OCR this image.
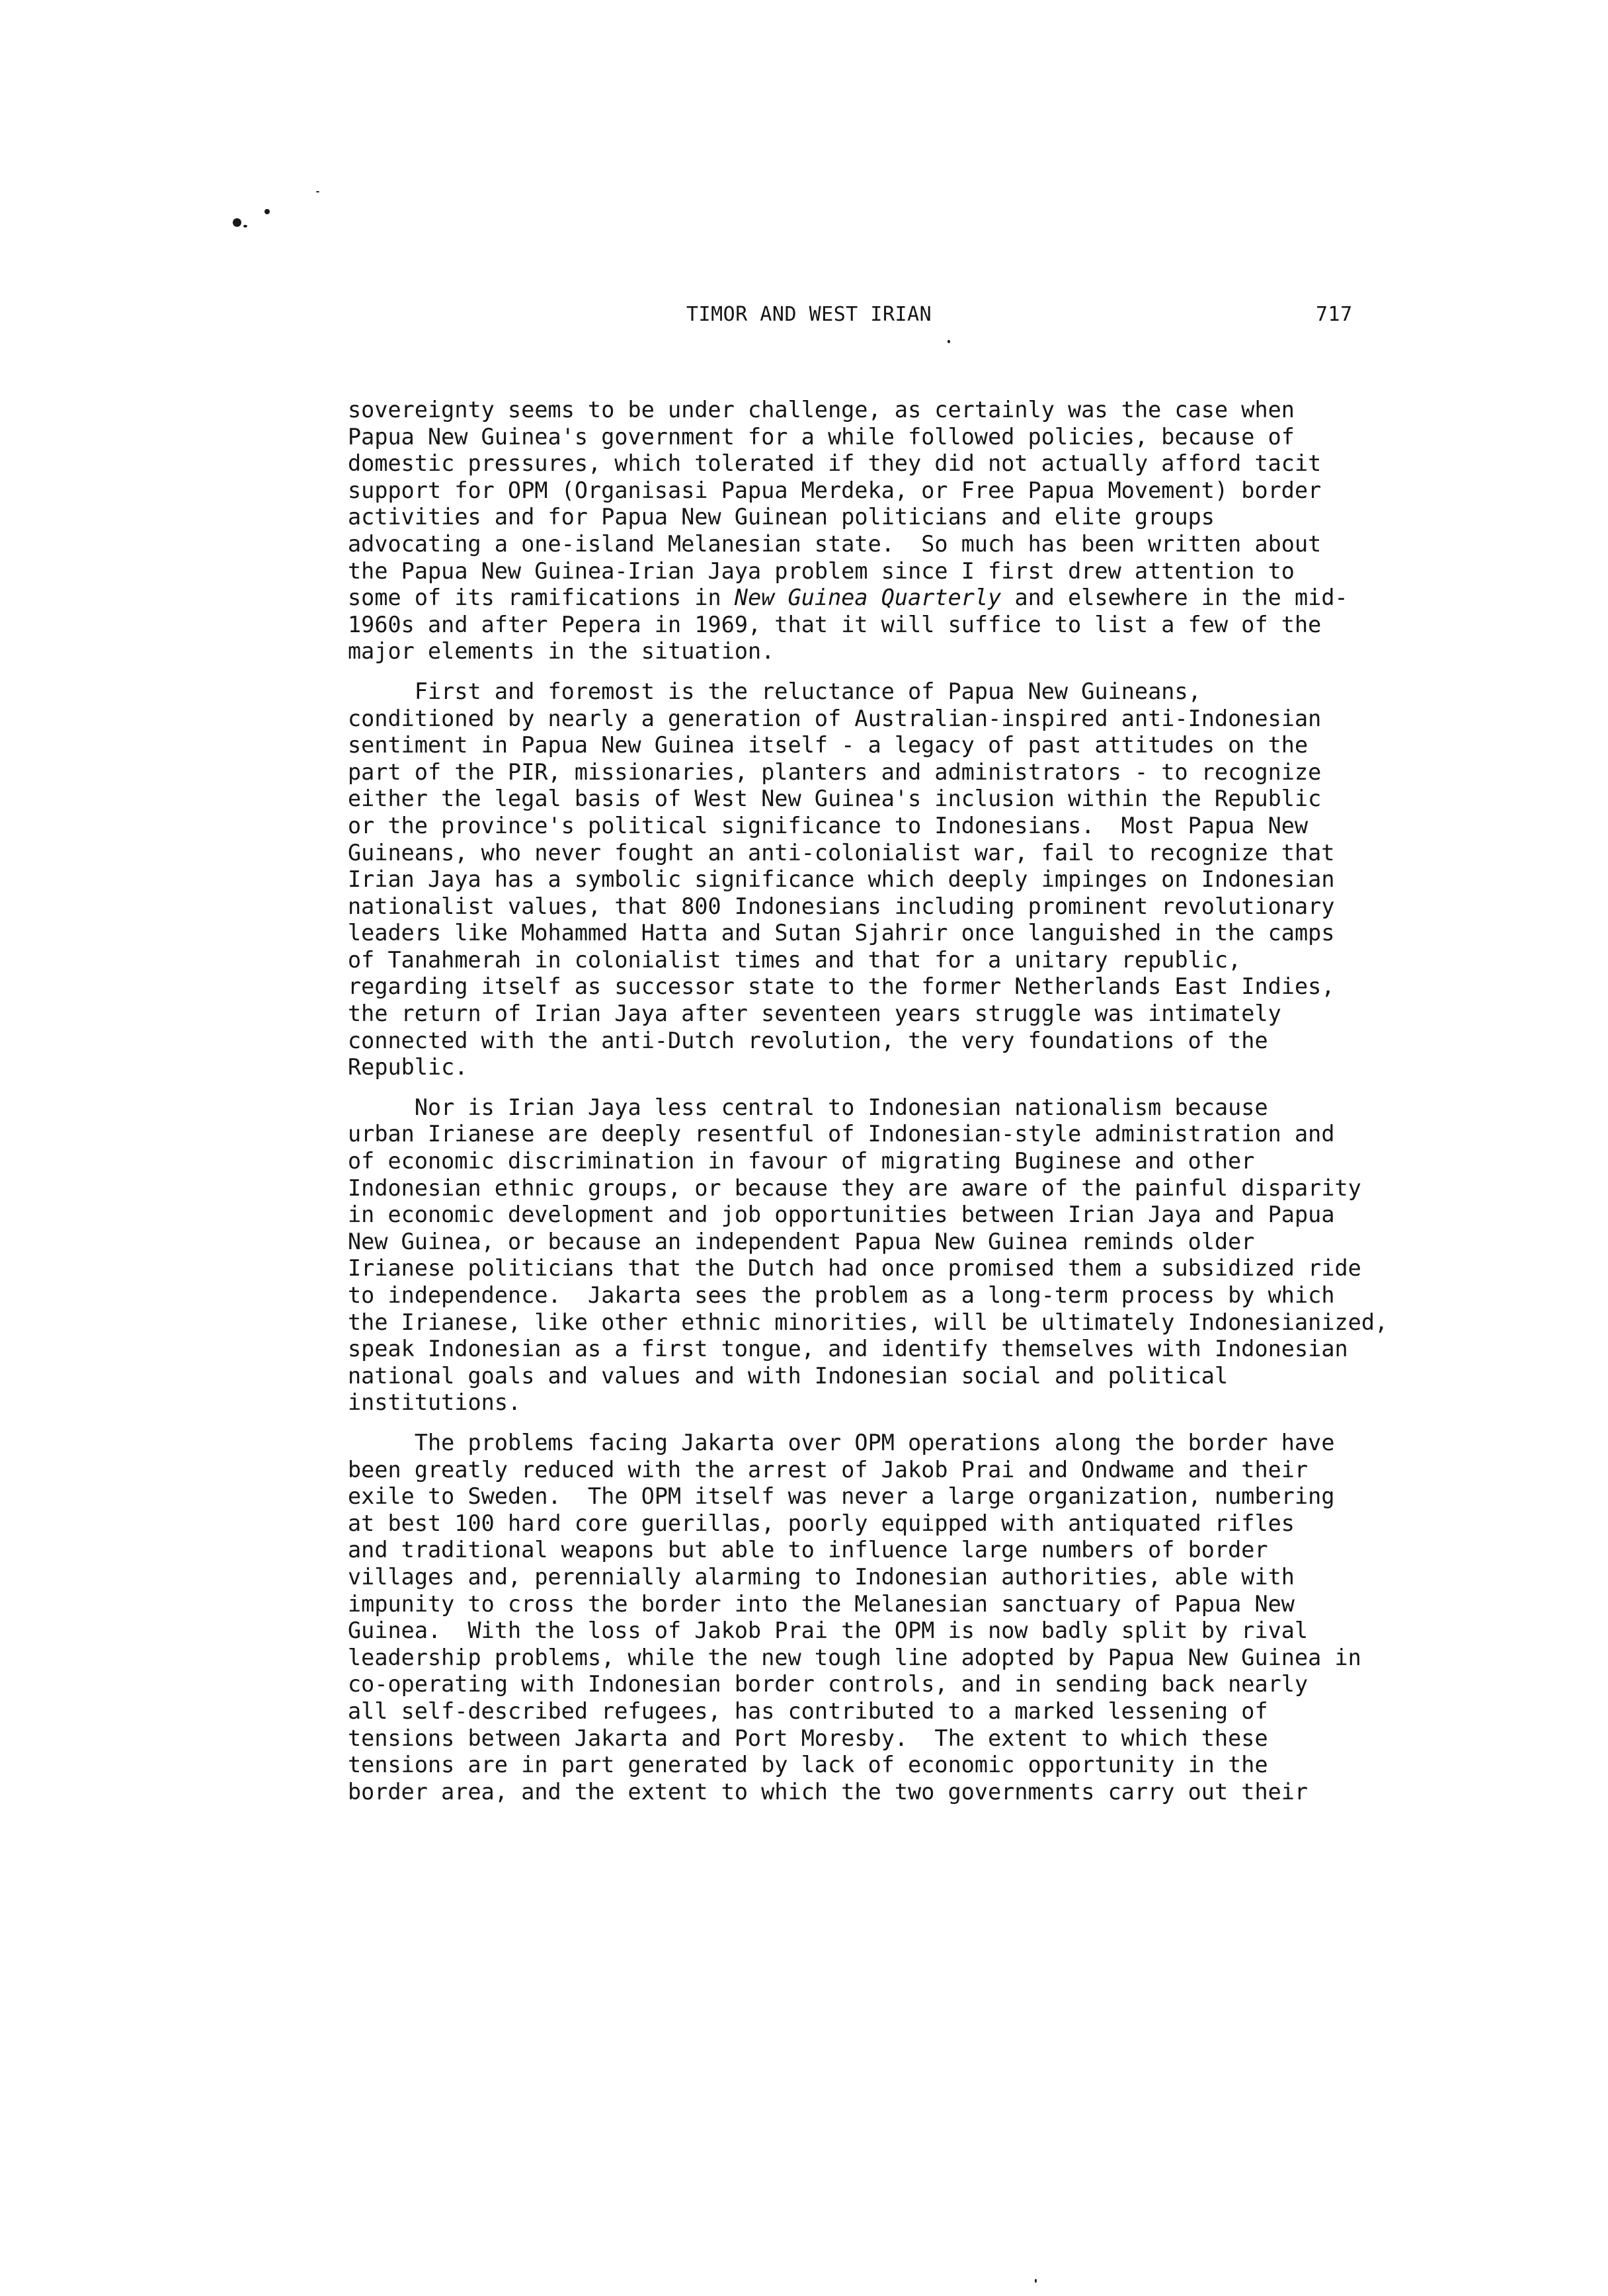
TIMOR AND WEST IRIAN	717
sovereignty seems to be under challenge, as certainly was the case when
Papua New Guinea's government for a while followed policies, because of
domestic pressures, which tolerated if they did not actually afford tacit
support for OPM (Organisasi Papua Merdeka, or Free Papua Movement) border
activities and for Papua New Guinean politicians and elite groups
advocating a one-island Melanesian state.  So much has been written about
the Papua New Guinea-Irian Jaya problem since I first drew attention to
some of its ramifications in New Guinea Quarterly and elsewhere in the mid-
1960s and after Pepera in 1969, that it will suffice to list a few of the
major elements in the situation.
First and foremost is the reluctance of Papua New Guineans,
conditioned by nearly a generation of Australian-inspired anti-Indonesian
sentiment in Papua New Guinea itself - a legacy of past attitudes on the
part of the PIR, missionaries, planters and administrators - to recognize
either the legal basis of West New Guinea's inclusion within the Republic
or the province's political significance to Indonesians.  Most Papua New
Guineans, who never fought an anti-colonialist war, fail to recognize that
Irian Jaya has a symbolic significance which deeply impinges on Indonesian
nationalist values, that 800 Indonesians including prominent revolutionary
leaders like Mohammed Hatta and Sutan Sjahrir once languished in the camps
of Tanahmerah in colonialist times and that for a unitary republic,
regarding itself as successor state to the former Netherlands East Indies,
the return of Irian Jaya after seventeen years struggle was intimately
connected with the anti-Dutch revolution, the very foundations of the
Republic.
Nor is Irian Jaya less central to Indonesian nationalism because
urban Irianese are deeply resentful of Indonesian-style administration and
of economic discrimination in favour of migrating Buginese and other
Indonesian ethnic groups, or because they are aware of the painful disparity
in economic development and job opportunities between Irian Jaya and Papua
New Guinea, or because an independent Papua New Guinea reminds older
Irianese politicians that the Dutch had once promised them a subsidized ride
to independence.  Jakarta sees the problem as a long-term process by which
the Irianese, like other ethnic minorities, will be ultimately Indonesianized,
speak Indonesian as a first tongue, and identify themselves with Indonesian
national goals and values and with Indonesian social and political
institutions.
The problems facing Jakarta over OPM operations along the border have
been greatly reduced with the arrest of Jakob Prai and Ondwame and their
exile to Sweden.  The OPM itself was never a large organization, numbering
at best 100 hard core guerillas, poorly equipped with antiquated rifles
and traditional weapons but able to influence large numbers of border
villages and, perennially alarming to Indonesian authorities, able with
impunity to cross the border into the Melanesian sanctuary of Papua New
Guinea.  With the loss of Jakob Prai the OPM is now badly split by rival
leadership problems, while the new tough line adopted by Papua New Guinea in
co-operating with Indonesian border controls, and in sending back nearly
all self-described refugees, has contributed to a marked lessening of
tensions between Jakarta and Port Moresby.  The extent to which these
tensions are in part generated by lack of economic opportunity in the
border area, and the extent to which the two governments carry out their
